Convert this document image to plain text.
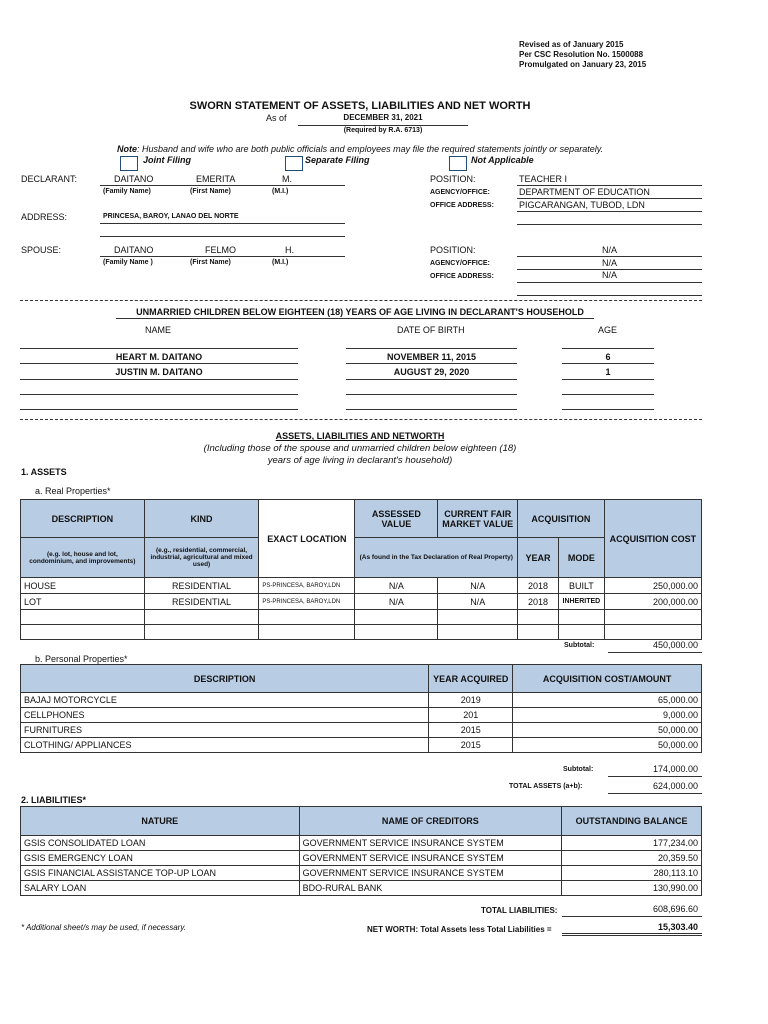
Revised as of January 2015
Per CSC Resolution No. 1500088
Promulgated on January 23, 2015
SWORN STATEMENT OF ASSETS, LIABILITIES AND NET WORTH
As of	DECEMBER 31, 2021
(Required by R.A. 6713)
Note: Husband and wife who are both public officials and employees may file the required statements jointly or separately.
Joint Filing	Separate Filing	Not Applicable
DECLARANT:	DAITANO	EMERITA	M.
(Family Name)	(First Name)	(M.I.)
POSITION:	TEACHER I
AGENCY/OFFICE:	DEPARTMENT OF EDUCATION
OFFICE ADDRESS:	PIGCARANGAN, TUBOD, LDN
ADDRESS:	PRINCESA, BAROY, LANAO DEL NORTE
SPOUSE:	DAITANO	FELMO	H.
(Family Name )	(First Name)	(M.I.)
POSITION:	N/A
AGENCY/OFFICE:	N/A
OFFICE ADDRESS:	N/A
UNMARRIED CHILDREN BELOW EIGHTEEN (18) YEARS OF AGE LIVING IN DECLARANT'S HOUSEHOLD
NAME	DATE OF BIRTH	AGE
HEART M. DAITANO	NOVEMBER 11, 2015	6
JUSTIN M. DAITANO	AUGUST 29, 2020	1
ASSETS, LIABILITIES AND NETWORTH
(Including those of the spouse and unmarried children below eighteen (18)
years of age living in declarant's household)
1. ASSETS
a. Real Properties*
DESCRIPTION	KIND	EXACT LOCATION	ASSESSED VALUE	CURRENT FAIR MARKET VALUE	ACQUISITION		ACQUISITION COST
(e.g. lot, house and lot, condominium, and improvements)	(e.g., residential, commercial, industrial, agricultural and mixed used)		(As found in the Tax Declaration of Real Property)		YEAR	MODE	
HOUSE	RESIDENTIAL	PS-PRINCESA, BAROY,LDN	N/A	N/A	2018	BUILT	250,000.00
LOT	RESIDENTIAL	PS-PRINCESA, BAROY,LDN	N/A	N/A	2018	INHERITED	200,000.00

Subtotal:	450,000.00
b. Personal Properties*
DESCRIPTION	YEAR ACQUIRED	ACQUISITION COST/AMOUNT
BAJAJ MOTORCYCLE	2019	65,000.00
CELLPHONES	201	9,000.00
FURNITURES	2015	50,000.00
CLOTHING/ APPLIANCES	2015	50,000.00
Subtotal:	174,000.00
TOTAL ASSETS (a+b):	624,000.00
2. LIABILITIES*
NATURE	NAME OF CREDITORS	OUTSTANDING BALANCE
GSIS CONSOLIDATED LOAN	GOVERNMENT SERVICE INSURANCE SYSTEM	177,234.00
GSIS EMERGENCY LOAN	GOVERNMENT SERVICE INSURANCE SYSTEM	20,359.50
GSIS FINANCIAL ASSISTANCE TOP-UP LOAN	GOVERNMENT SERVICE INSURANCE SYSTEM	280,113.10
SALARY LOAN	BDO-RURAL BANK	130,990.00
TOTAL LIABILITIES:	608,696.60
* Additional sheet/s may be used, if necessary.	NET WORTH: Total Assets less Total Liabilities =	15,303.40
